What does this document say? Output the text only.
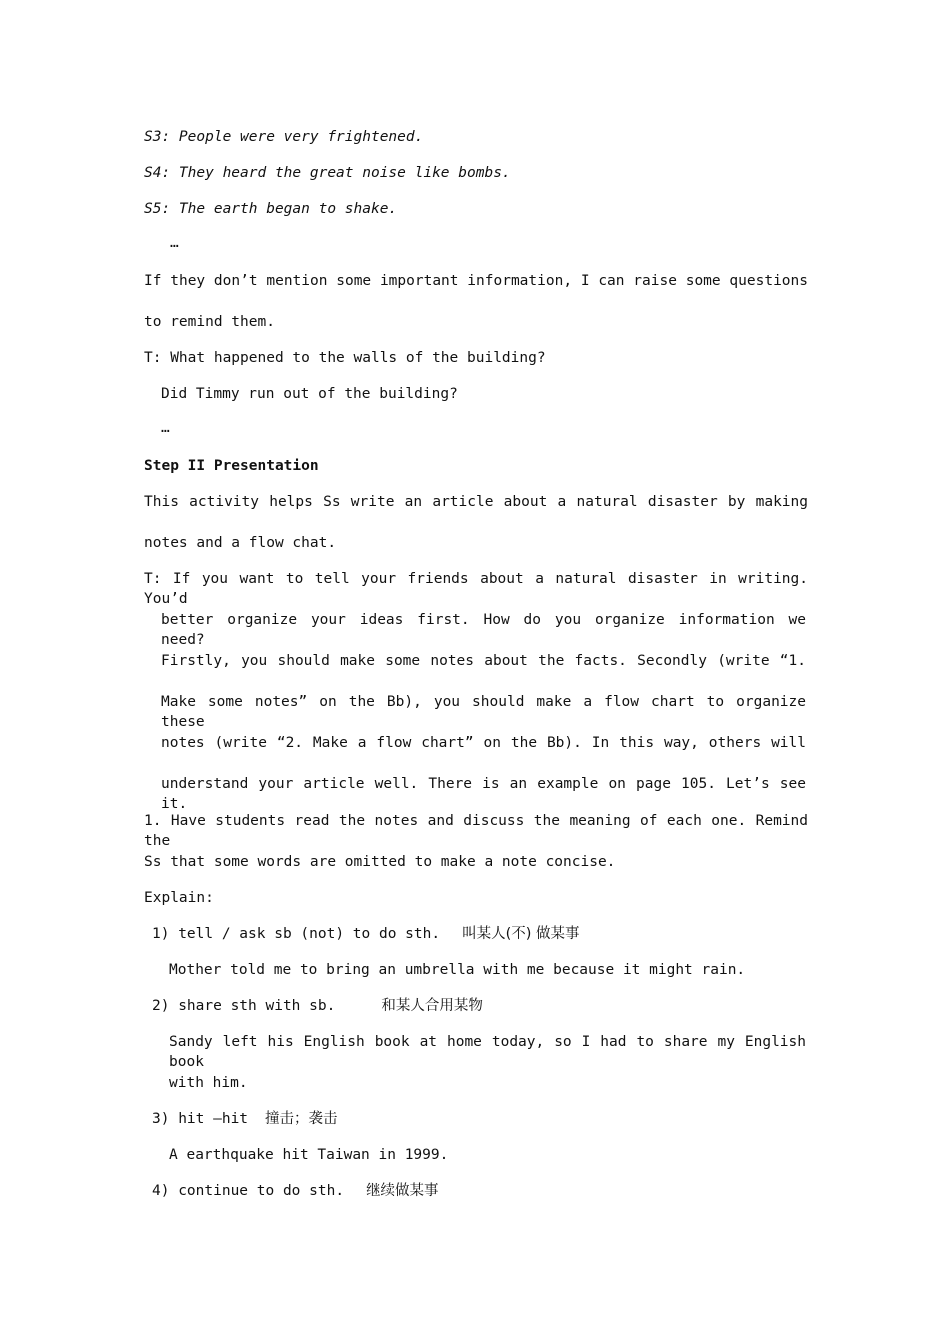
S3: People were very frightened.
S4: They heard the great noise like bombs.
S5: The earth began to shake.
…
If they don’t mention some important information, I can raise some questions
to remind them.
T: What happened to the walls of the building?
Did Timmy run out of the building?
…
Step II Presentation
This activity helps Ss write an article about a natural disaster by making
notes and a flow chat.
T: If you want to tell your friends about a natural disaster in writing. You’d
better organize your ideas first. How do you organize information we need?
Firstly, you should make some notes about the facts. Secondly (write “1.
Make some notes” on the Bb), you should make a flow chart to organize these
notes (write “2. Make a flow chart” on the Bb). In this way, others will
understand your article well. There is an example on page 105. Let’s see it.
1. Have students read the notes and discuss the meaning of each one. Remind the
Ss that some words are omitted to make a note concise.
Explain:
1) tell / ask sb (not) to do sth. 叫某人(不) 做某事
Mother told me to bring an umbrella with me because it might rain.
2) share sth with sb.	和某人合用某物
Sandy left his English book at home today, so I had to share my English book
with him.
3) hit —hit 撞击；袭击
A earthquake hit Taiwan in 1999.
4) continue to do sth. 继续做某事
